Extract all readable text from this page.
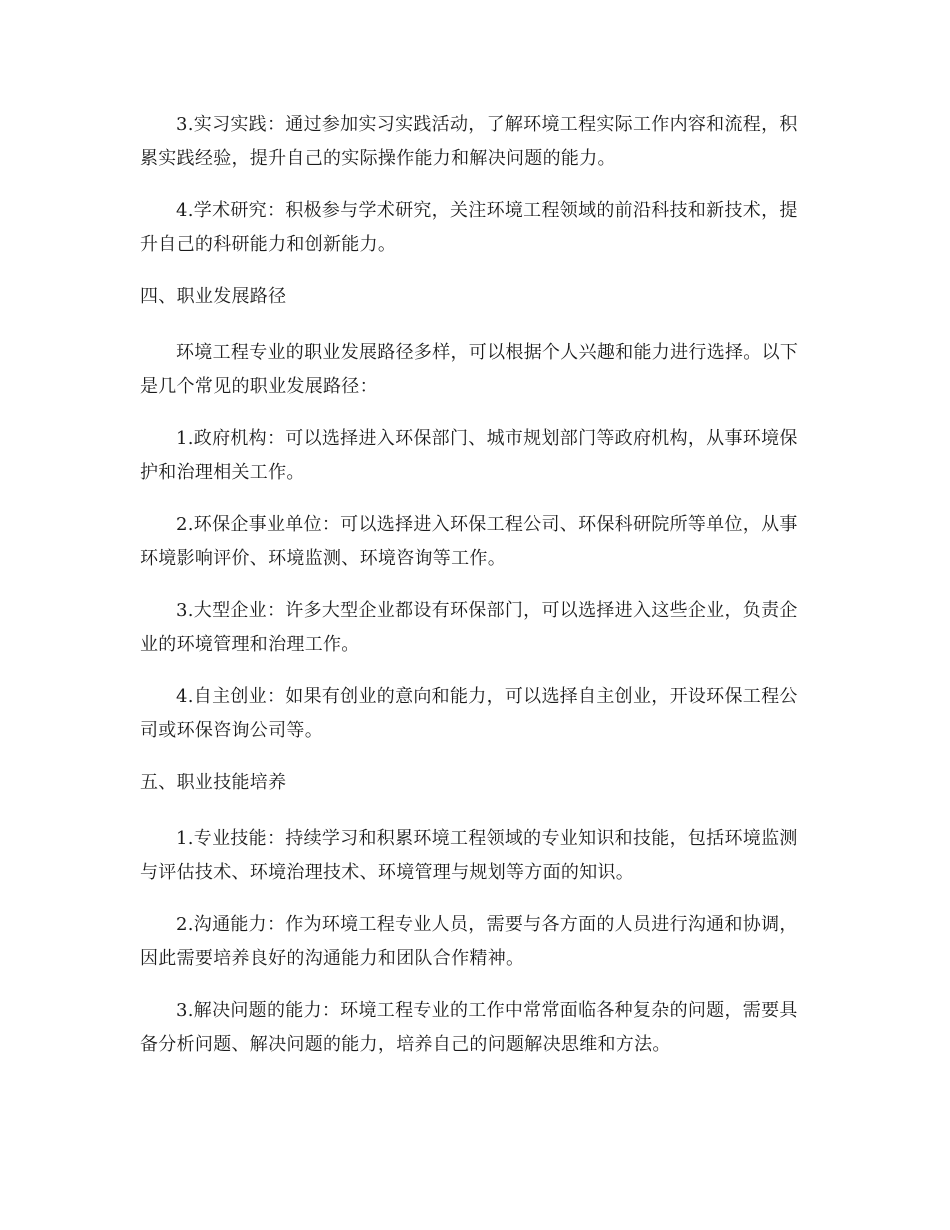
3.实习实践：通过参加实习实践活动，了解环境工程实际工作内容和流程，积累实践经验，提升自己的实际操作能力和解决问题的能力。

4.学术研究：积极参与学术研究，关注环境工程领域的前沿科技和新技术，提升自己的科研能力和创新能力。

四、职业发展路径

环境工程专业的职业发展路径多样，可以根据个人兴趣和能力进行选择。以下是几个常见的职业发展路径：

1.政府机构：可以选择进入环保部门、城市规划部门等政府机构，从事环境保护和治理相关工作。

2.环保企事业单位：可以选择进入环保工程公司、环保科研院所等单位，从事环境影响评价、环境监测、环境咨询等工作。

3.大型企业：许多大型企业都设有环保部门，可以选择进入这些企业，负责企业的环境管理和治理工作。

4.自主创业：如果有创业的意向和能力，可以选择自主创业，开设环保工程公司或环保咨询公司等。

五、职业技能培养

1.专业技能：持续学习和积累环境工程领域的专业知识和技能，包括环境监测与评估技术、环境治理技术、环境管理与规划等方面的知识。

2.沟通能力：作为环境工程专业人员，需要与各方面的人员进行沟通和协调，因此需要培养良好的沟通能力和团队合作精神。

3.解决问题的能力：环境工程专业的工作中常常面临各种复杂的问题，需要具备分析问题、解决问题的能力，培养自己的问题解决思维和方法。
